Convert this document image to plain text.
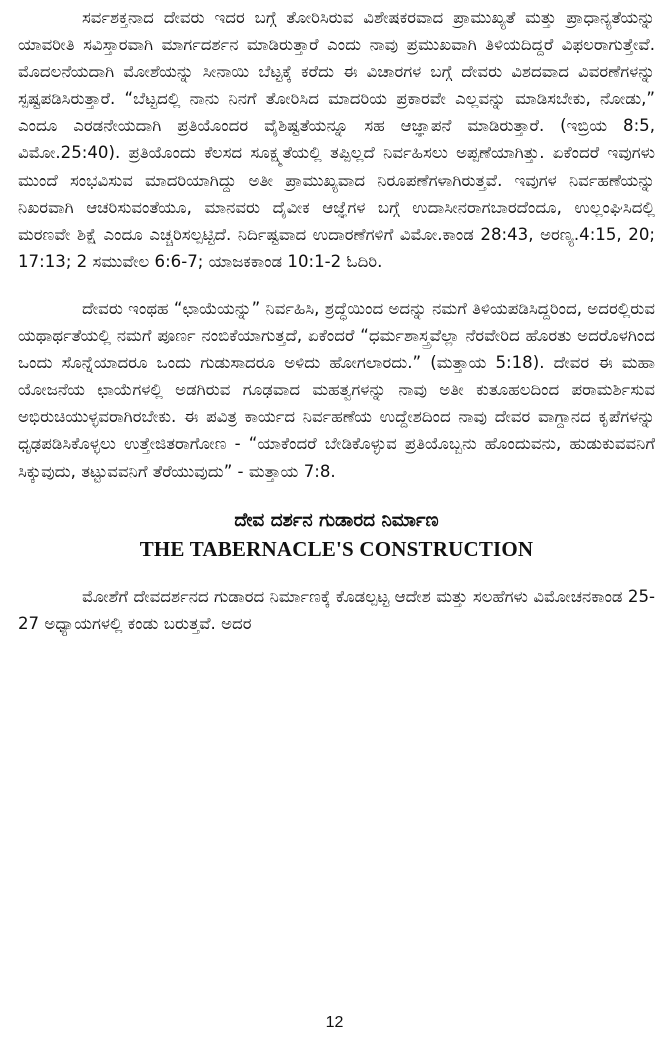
ಸರ್ವಶಕ್ತನಾದ ದೇವರು ಇದರ ಬಗ್ಗೆ ತೋರಿಸಿರುವ ವಿಶೇಷಕರವಾದ ಪ್ರಾಮುಖ್ಯತೆ ಮತ್ತು ಪ್ರಾಧಾನ್ಯತೆಯನ್ನು ಯಾವರೀತಿ ಸವಿಸ್ತಾರವಾಗಿ ಮಾರ್ಗದರ್ಶನ ಮಾಡಿರುತ್ತಾರೆ ಎಂದು ನಾವು ಪ್ರಮುಖವಾಗಿ ತಿಳಿಯದಿದ್ದರೆ ವಿಫಲರಾಗುತ್ತೇವೆ. ಮೊದಲನೆಯದಾಗಿ ಮೋಶೆಯನ್ನು ಸೀನಾಯಿ ಬೆಟ್ಟಕ್ಕೆ ಕರೆದು ಈ ವಿಚಾರಗಳ ಬಗ್ಗೆ ದೇವರು ವಿಶದವಾದ ವಿವರಣೆಗಳನ್ನು ಸ್ಪಷ್ಟಪಡಿಸಿರುತ್ತಾರೆ. “ಬೆಟ್ಟದಲ್ಲಿ ನಾನು ನಿನಗೆ ತೋರಿಸಿದ ಮಾದರಿಯ ಪ್ರಕಾರವೇ ಎಲ್ಲವನ್ನು ಮಾಡಿಸಬೇಕು, ನೋಡು,” ಎಂದೂ ಎರಡನೇಯದಾಗಿ ಪ್ರತಿಯೊಂದರ ವೈಶಿಷ್ಟತೆಯನ್ನೂ ಸಹ ಆಜ್ಞಾಪನೆ ಮಾಡಿರುತ್ತಾರೆ. (ಇಬ್ರಿಯ 8:5, ವಿಮೋ.25:40). ಪ್ರತಿಯೊಂದು ಕೆಲಸದ ಸೂಕ್ಷ್ಮತೆಯಲ್ಲಿ ತಪ್ಪಿಲ್ಲದೆ ನಿರ್ವಹಿಸಲು ಅಪ್ಪಣೆಯಾಗಿತ್ತು. ಏಕೆಂದರೆ ಇವುಗಳು ಮುಂದೆ ಸಂಭವಿಸುವ ಮಾದರಿಯಾಗಿದ್ದು ಅತೀ ಪ್ರಾಮುಖ್ಯವಾದ ನಿರೂಪಣೆಗಳಾಗಿರುತ್ತವೆ. ಇವುಗಳ ನಿರ್ವಹಣೆಯನ್ನು ನಿಖರವಾಗಿ ಆಚರಿಸುವಂತೆಯೂ, ಮಾನವರು ದೈವೀಕ ಆಜ್ಞೆಗಳ ಬಗ್ಗೆ ಉದಾಸೀನರಾಗಬಾರದೆಂದೂ, ಉಲ್ಲಂಘಿಸಿದಲ್ಲಿ ಮರಣವೇ ಶಿಕ್ಷೆ ಎಂದೂ ಎಚ್ಚರಿಸಲ್ಪಟ್ಟಿದೆ. ನಿರ್ದಿಷ್ಟವಾದ ಉದಾರಣೆಗಳಿಗೆ ವಿಮೋ.ಕಾಂಡ 28:43, ಅರಣ್ಯ.4:15, 20; 17:13; 2 ಸಮುವೇಲ 6:6-7; ಯಾಜಕಕಾಂಡ 10:1-2 ಓದಿರಿ.

ದೇವರು ಇಂಥಹ “ಛಾಯೆಯನ್ನು” ನಿರ್ವಹಿಸಿ, ಶ್ರದ್ಧೆಯಿಂದ ಅದನ್ನು ನಮಗೆ ತಿಳಿಯಪಡಿಸಿದ್ದರಿಂದ, ಅದರಲ್ಲಿರುವ ಯಥಾರ್ಥತೆಯಲ್ಲಿ ನಮಗೆ ಪೂರ್ಣ ನಂಬಿಕೆಯಾಗುತ್ತದೆ, ಏಕೆಂದರೆ “ಧರ್ಮಶಾಸ್ತ್ರವೆಲ್ಲಾ ನೆರವೇರಿದ ಹೊರತು ಅದರೊಳಗಿಂದ ಒಂದು ಸೊನ್ನೆಯಾದರೂ ಒಂದು ಗುಡುಸಾದರೂ ಅಳಿದು ಹೋಗಲಾರದು.” (ಮತ್ತಾಯ 5:18). ದೇವರ ಈ ಮಹಾ ಯೋಜನೆಯ ಛಾಯೆಗಳಲ್ಲಿ ಅಡಗಿರುವ ಗೂಢವಾದ ಮಹತ್ವಗಳನ್ನು ನಾವು ಅತೀ ಕುತೂಹಲದಿಂದ ಪರಾಮರ್ಶಿಸುವ ಅಭಿರುಚಿಯುಳ್ಳವರಾಗಿರಬೇಕು. ಈ ಪವಿತ್ರ ಕಾರ್ಯದ ನಿರ್ವಹಣೆಯ ಉದ್ದೇಶದಿಂದ ನಾವು ದೇವರ ವಾಗ್ದಾನದ ಕೃಪೆಗಳನ್ನು ಧೃಢಪಡಿಸಿಕೊಳ್ಳಲು ಉತ್ತೇಜಿತರಾಗೋಣ - “ಯಾಕೆಂದರೆ ಬೇಡಿಕೊಳ್ಳುವ ಪ್ರತಿಯೊಬ್ಬನು ಹೊಂದುವನು, ಹುಡುಕುವವನಿಗೆ ಸಿಕ್ಕುವುದು, ತಟ್ಟುವವನಿಗೆ ತೆರೆಯುವುದು” - ಮತ್ತಾಯ 7:8.

ದೇವ ದರ್ಶನ ಗುಡಾರದ ನಿರ್ಮಾಣ

THE TABERNACLE'S CONSTRUCTION

ಮೋಶೆಗೆ ದೇವದರ್ಶನದ ಗುಡಾರದ ನಿರ್ಮಾಣಕ್ಕೆ ಕೊಡಲ್ಪಟ್ಟ ಆದೇಶ ಮತ್ತು ಸಲಹೆಗಳು ವಿಮೋಚನಕಾಂಡ 25-27 ಅಧ್ಯಾಯಗಳಲ್ಲಿ ಕಂಡು ಬರುತ್ತವೆ. ಅದರ

12
